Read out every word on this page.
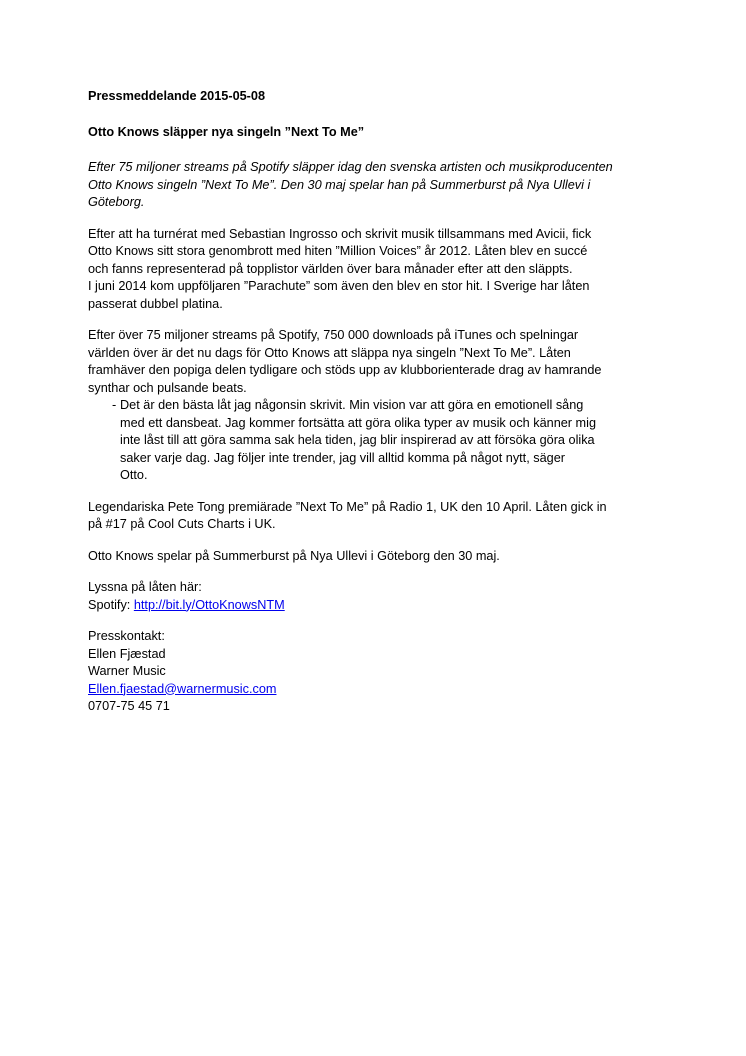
Pressmeddelande 2015-05-08
Otto Knows släpper nya singeln ”Next To Me”
Efter 75 miljoner streams på Spotify släpper idag den svenska artisten och musikproducenten
Otto Knows singeln ”Next To Me”. Den 30 maj spelar han på Summerburst på Nya Ullevi i
Göteborg.
Efter att ha turnérat med Sebastian Ingrosso och skrivit musik tillsammans med Avicii, fick
Otto Knows sitt stora genombrott med hiten ”Million Voices” år 2012. Låten blev en succé
och fanns representerad på topplistor världen över bara månader efter att den släppts.
I juni 2014 kom uppföljaren ”Parachute” som även den blev en stor hit. I Sverige har låten
passerat dubbel platina.
Efter över 75 miljoner streams på Spotify, 750 000 downloads på iTunes och spelningar
världen över är det nu dags för Otto Knows att släppa nya singeln ”Next To Me”. Låten
framhäver den popiga delen tydligare och stöds upp av klubborienterade drag av hamrande
synthar och pulsande beats.
- Det är den bästa låt jag någonsin skrivit. Min vision var att göra en emotionell sång
med ett dansbeat. Jag kommer fortsätta att göra olika typer av musik och känner mig
inte låst till att göra samma sak hela tiden, jag blir inspirerad av att försöka göra olika
saker varje dag. Jag följer inte trender, jag vill alltid komma på något nytt, säger
Otto.
Legendariska Pete Tong premiärade ”Next To Me” på Radio 1, UK den 10 April. Låten gick in
på #17 på Cool Cuts Charts i UK.
Otto Knows spelar på Summerburst på Nya Ullevi i Göteborg den 30 maj.
Lyssna på låten här:
Spotify: http://bit.ly/OttoKnowsNTM
Presskontakt:
Ellen Fjæstad
Warner Music
Ellen.fjaestad@warnermusic.com
0707-75 45 71
